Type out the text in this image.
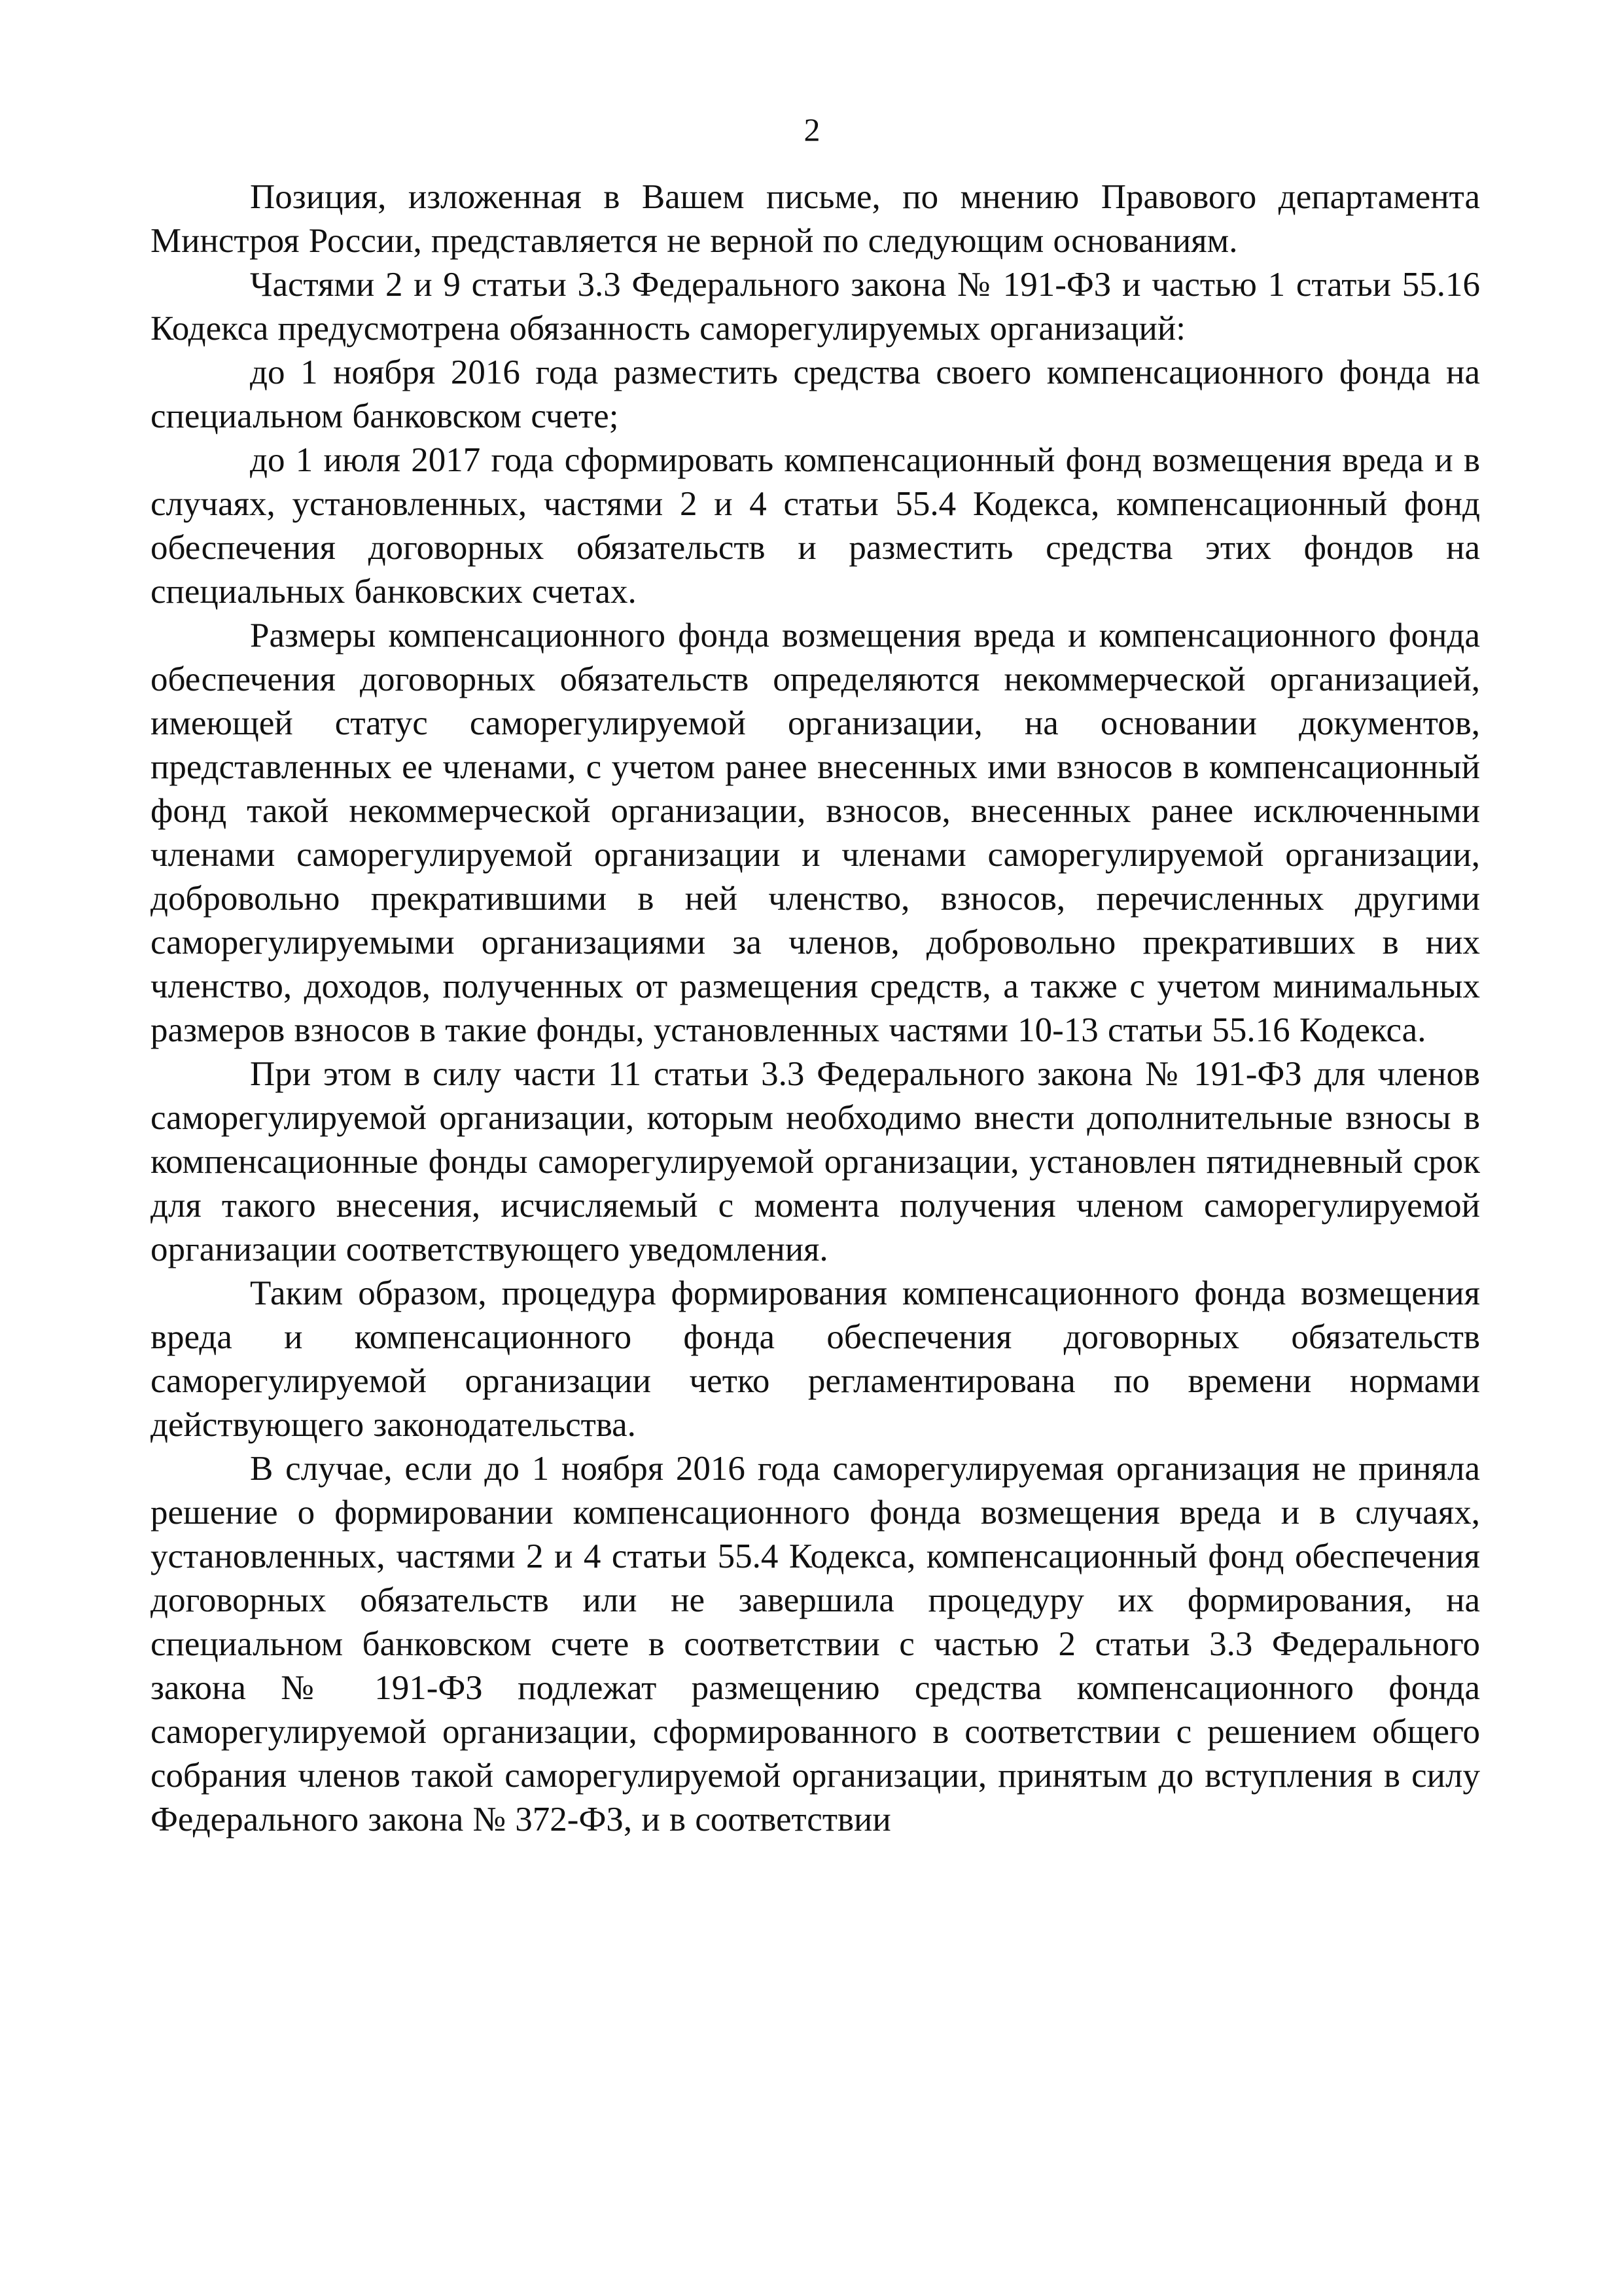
2

Позиция, изложенная в Вашем письме, по мнению Правового департамента Минстроя России, представляется не верной по следующим основаниям.

Частями 2 и 9 статьи 3.3 Федерального закона № 191-ФЗ и частью 1 статьи 55.16 Кодекса предусмотрена обязанность саморегулируемых организаций:

до 1 ноября 2016 года разместить средства своего компенсационного фонда на специальном банковском счете;

до 1 июля 2017 года сформировать компенсационный фонд возмещения вреда и в случаях, установленных, частями 2 и 4 статьи 55.4 Кодекса, компенсационный фонд обеспечения договорных обязательств и разместить средства этих фондов на специальных банковских счетах.

Размеры компенсационного фонда возмещения вреда и компенсационного фонда обеспечения договорных обязательств определяются некоммерческой организацией, имеющей статус саморегулируемой организации, на основании документов, представленных ее членами, с учетом ранее внесенных ими взносов в компенсационный фонд такой некоммерческой организации, взносов, внесенных ранее исключенными членами саморегулируемой организации и членами саморегулируемой организации, добровольно прекратившими в ней членство, взносов, перечисленных другими саморегулируемыми организациями за членов, добровольно прекративших в них членство, доходов, полученных от размещения средств, а также с учетом минимальных размеров взносов в такие фонды, установленных частями 10-13 статьи 55.16 Кодекса.

При этом в силу части 11 статьи 3.3 Федерального закона № 191-ФЗ для членов саморегулируемой организации, которым необходимо внести дополнительные взносы в компенсационные фонды саморегулируемой организации, установлен пятидневный срок для такого внесения, исчисляемый с момента получения членом саморегулируемой организации соответствующего уведомления.

Таким образом, процедура формирования компенсационного фонда возмещения вреда и компенсационного фонда обеспечения договорных обязательств саморегулируемой организации четко регламентирована по времени нормами действующего законодательства.

В случае, если до 1 ноября 2016 года саморегулируемая организация не приняла решение о формировании компенсационного фонда возмещения вреда и в случаях, установленных, частями 2 и 4 статьи 55.4 Кодекса, компенсационный фонд обеспечения договорных обязательств или не завершила процедуру их формирования, на специальном банковском счете в соответствии с частью 2 статьи 3.3 Федерального закона № 191-ФЗ подлежат размещению средства компенсационного фонда саморегулируемой организации, сформированного в соответствии с решением общего собрания членов такой саморегулируемой организации, принятым до вступления в силу Федерального закона № 372-ФЗ, и в соответствии
